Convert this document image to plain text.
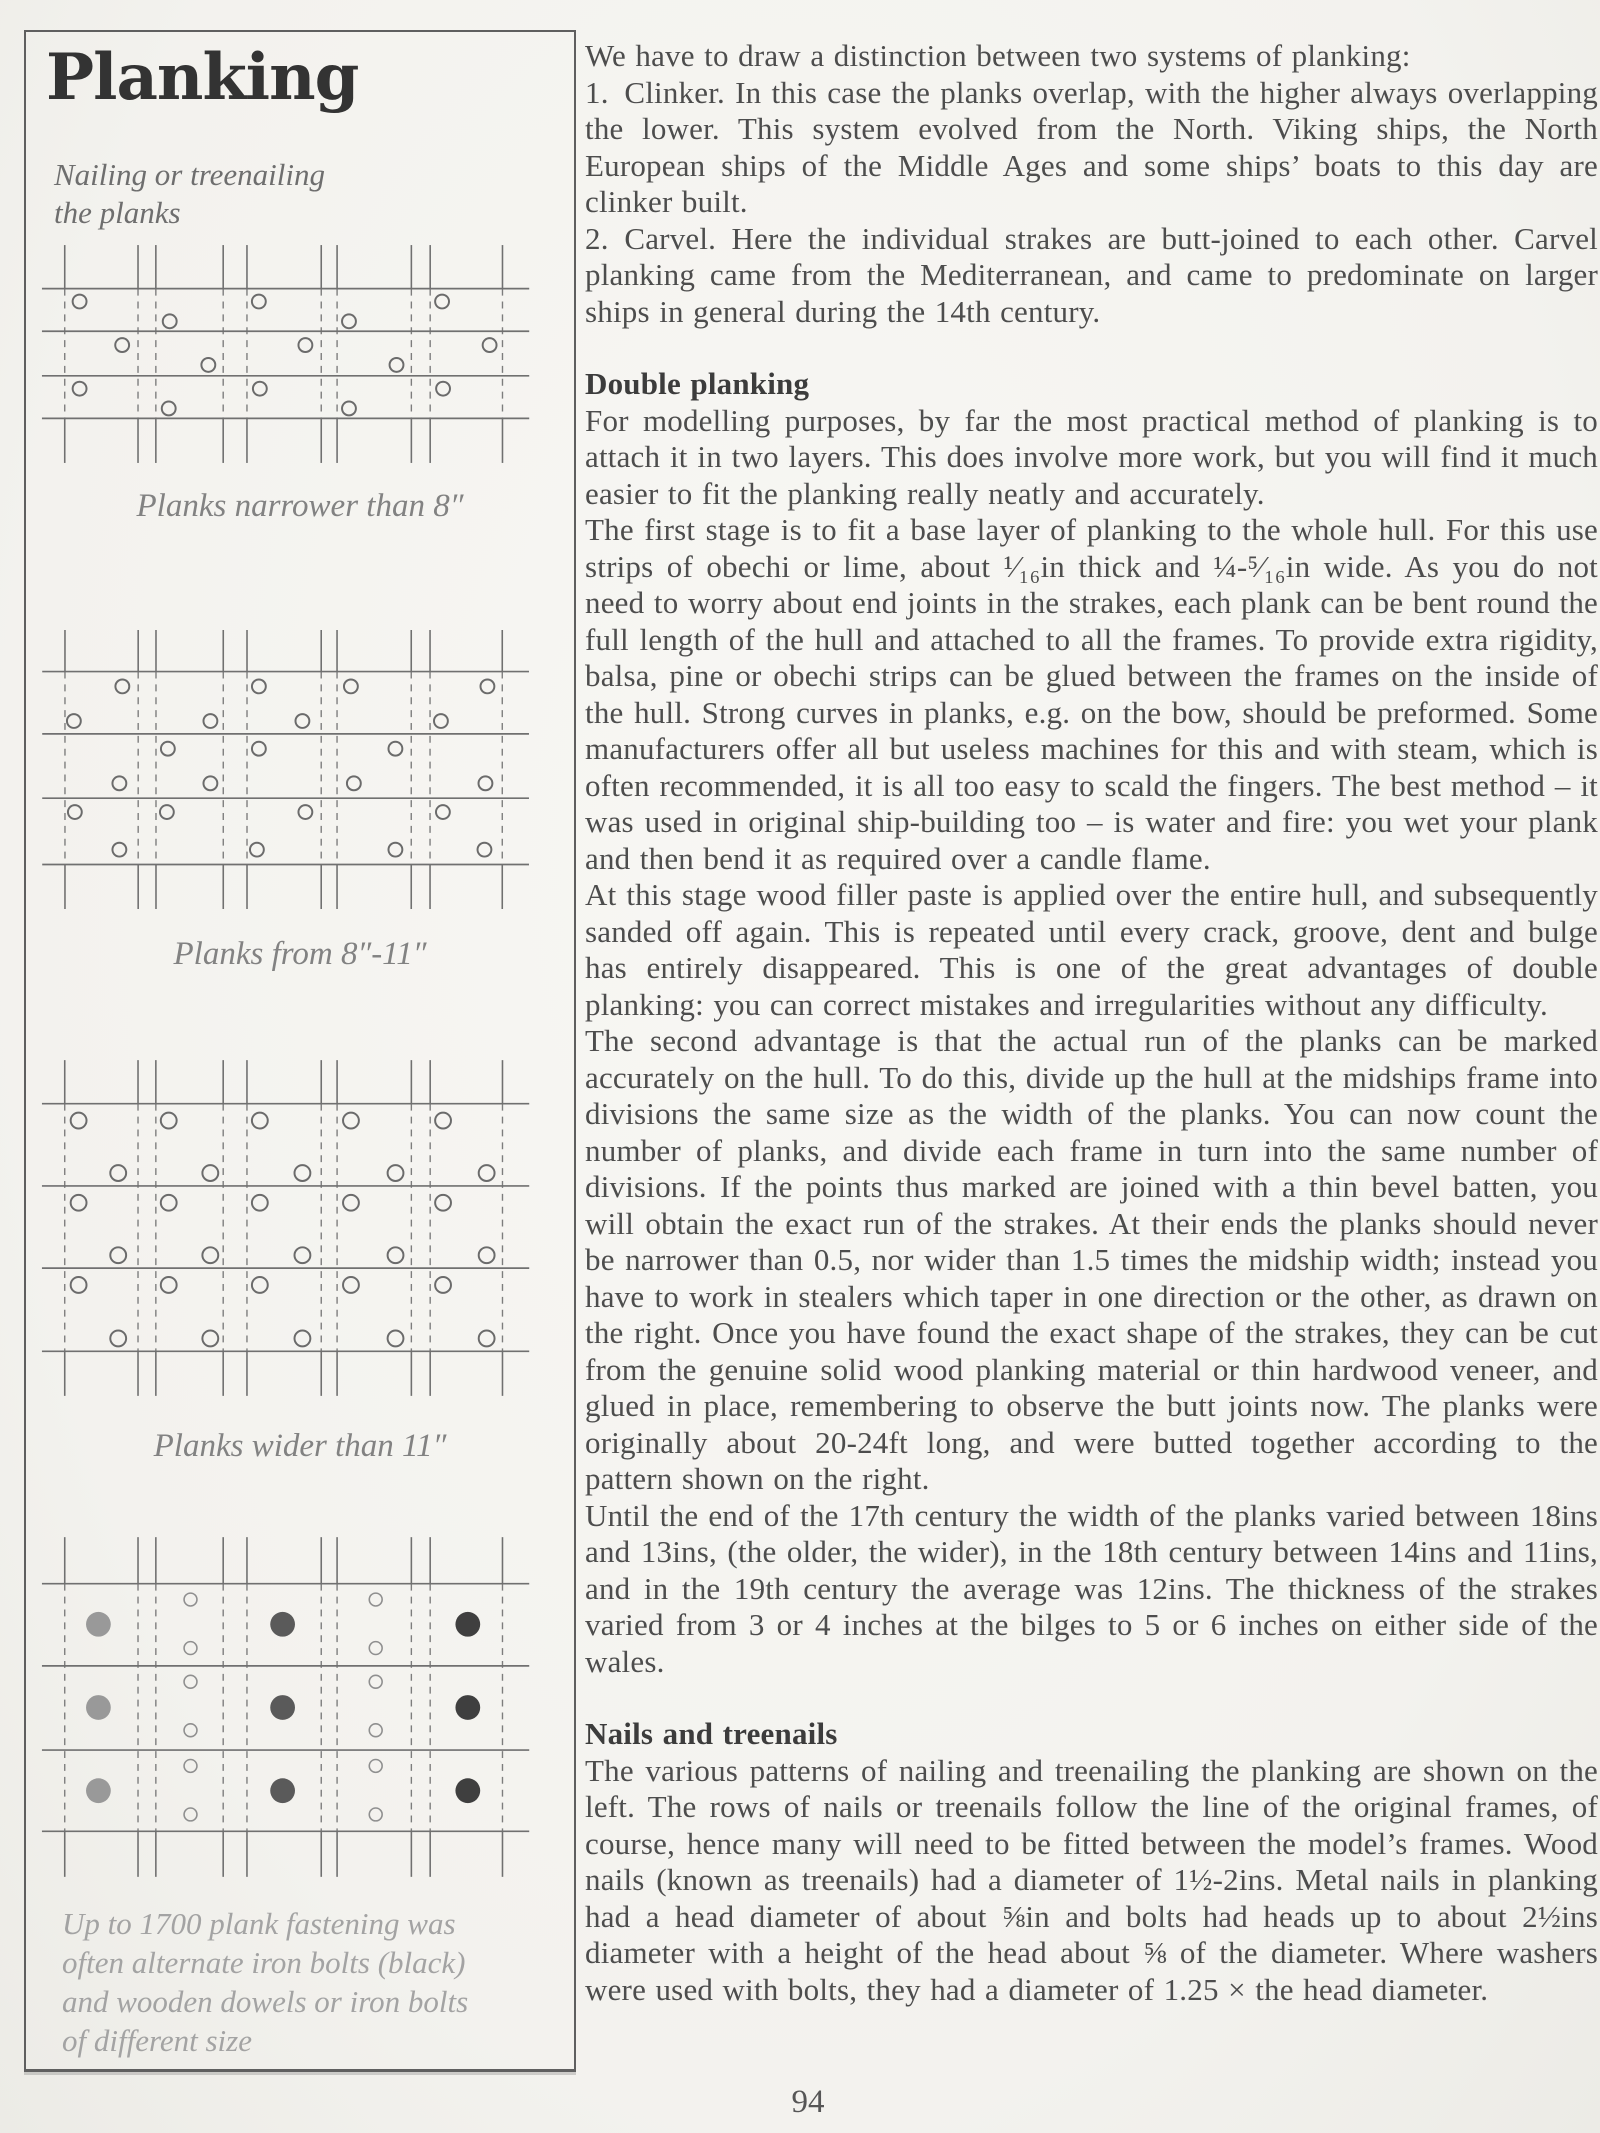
Planking
Nailing or treenailing
the planks
Planks narrower than 8″
Planks from 8″-11″
Planks wider than 11″
Up to 1700 plank fastening was
often alternate iron bolts (black)
and wooden dowels or iron bolts
of different size

We have to draw a distinction between two systems of planking:

1. Clinker. In this case the planks overlap, with the higher always overlapping the lower. This system evolved from the North. Viking ships, the North European ships of the Middle Ages and some ships’ boats to this day are clinker built.

2. Carvel. Here the individual strakes are butt-joined to each other. Carvel planking came from the Mediterranean, and came to predominate on larger ships in general during the 14th century.

Double planking

For modelling purposes, by far the most practical method of planking is to attach it in two layers. This does involve more work, but you will find it much easier to fit the planking really neatly and accurately.

The first stage is to fit a base layer of planking to the whole hull. For this use strips of obechi or lime, about ¹⁄₁₆in thick and ¼-⁵⁄₁₆in wide. As you do not need to worry about end joints in the strakes, each plank can be bent round the full length of the hull and attached to all the frames. To provide extra rigidity, balsa, pine or obechi strips can be glued between the frames on the inside of the hull. Strong curves in planks, e.g. on the bow, should be preformed. Some manufacturers offer all but useless machines for this and with steam, which is often recommended, it is all too easy to scald the fingers. The best method – it was used in original ship-building too – is water and fire: you wet your plank and then bend it as required over a candle flame.

At this stage wood filler paste is applied over the entire hull, and subsequently sanded off again. This is repeated until every crack, groove, dent and bulge has entirely disappeared. This is one of the great advantages of double planking: you can correct mistakes and irregularities without any difficulty.

The second advantage is that the actual run of the planks can be marked accurately on the hull. To do this, divide up the hull at the midships frame into divisions the same size as the width of the planks. You can now count the number of planks, and divide each frame in turn into the same number of divisions. If the points thus marked are joined with a thin bevel batten, you will obtain the exact run of the strakes. At their ends the planks should never be narrower than 0.5, nor wider than 1.5 times the midship width; instead you have to work in stealers which taper in one direction or the other, as drawn on the right. Once you have found the exact shape of the strakes, they can be cut from the genuine solid wood planking material or thin hardwood veneer, and glued in place, remembering to observe the butt joints now. The planks were originally about 20-24ft long, and were butted together according to the pattern shown on the right.

Until the end of the 17th century the width of the planks varied between 18ins and 13ins, (the older, the wider), in the 18th century between 14ins and 11ins, and in the 19th century the average was 12ins. The thickness of the strakes varied from 3 or 4 inches at the bilges to 5 or 6 inches on either side of the wales.

Nails and treenails

The various patterns of nailing and treenailing the planking are shown on the left. The rows of nails or treenails follow the line of the original frames, of course, hence many will need to be fitted between the model’s frames. Wood nails (known as treenails) had a diameter of 1½-2ins. Metal nails in planking had a head diameter of about ⅝in and bolts had heads up to about 2½ins diameter with a height of the head about ⅝ of the diameter. Where washers were used with bolts, they had a diameter of 1.25 × the head diameter.

94
